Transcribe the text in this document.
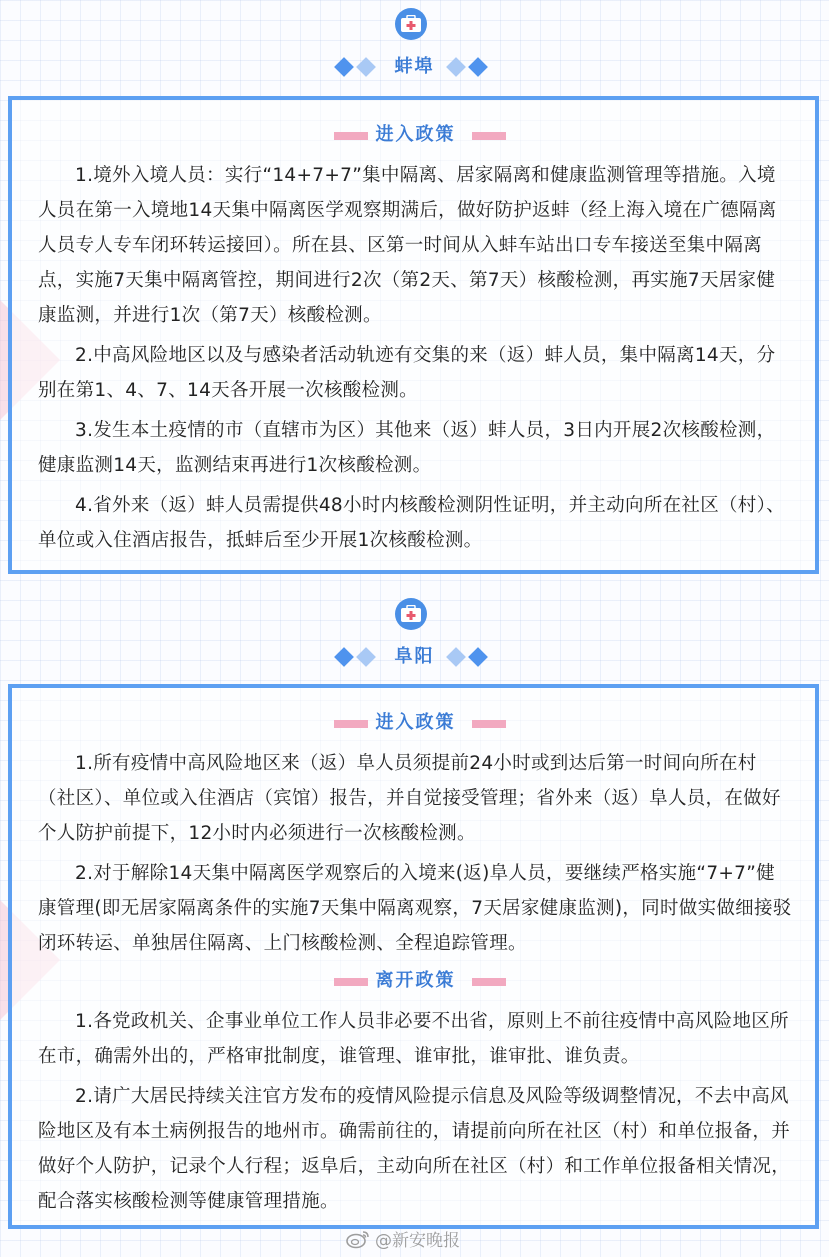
蚌埠
进入政策

1.境外入境人员：实行“14+7+7”集中隔离、居家隔离和健康监测管理等措施。入境人员在第一入境地14天集中隔离医学观察期满后，做好防护返蚌（经上海入境在广德隔离人员专人专车闭环转运接回）。所在县、区第一时间从入蚌车站出口专车接送至集中隔离点，实施7天集中隔离管控，期间进行2次（第2天、第7天）核酸检测，再实施7天居家健康监测，并进行1次（第7天）核酸检测。

2.中高风险地区以及与感染者活动轨迹有交集的来（返）蚌人员，集中隔离14天，分别在第1、4、7、14天各开展一次核酸检测。

3.发生本土疫情的市（直辖市为区）其他来（返）蚌人员，3日内开展2次核酸检测，健康监测14天，监测结束再进行1次核酸检测。

4.省外来（返）蚌人员需提供48小时内核酸检测阴性证明，并主动向所在社区（村）、单位或入住酒店报告，抵蚌后至少开展1次核酸检测。

阜阳
进入政策

1.所有疫情中高风险地区来（返）阜人员须提前24小时或到达后第一时间向所在村（社区）、单位或入住酒店（宾馆）报告，并自觉接受管理；省外来（返）阜人员，在做好个人防护前提下，12小时内必须进行一次核酸检测。

2.对于解除14天集中隔离医学观察后的入境来(返)阜人员，要继续严格实施“7+7”健康管理(即无居家隔离条件的实施7天集中隔离观察，7天居家健康监测)，同时做实做细接驳闭环转运、单独居住隔离、上门核酸检测、全程追踪管理。

离开政策

1.各党政机关、企事业单位工作人员非必要不出省，原则上不前往疫情中高风险地区所在市，确需外出的，严格审批制度，谁管理、谁审批，谁审批、谁负责。

2.请广大居民持续关注官方发布的疫情风险提示信息及风险等级调整情况，不去中高风险地区及有本土病例报告的地州市。确需前往的，请提前向所在社区（村）和单位报备，并做好个人防护，记录个人行程；返阜后，主动向所在社区（村）和工作单位报备相关情况，配合落实核酸检测等健康管理措施。

@新安晚报
